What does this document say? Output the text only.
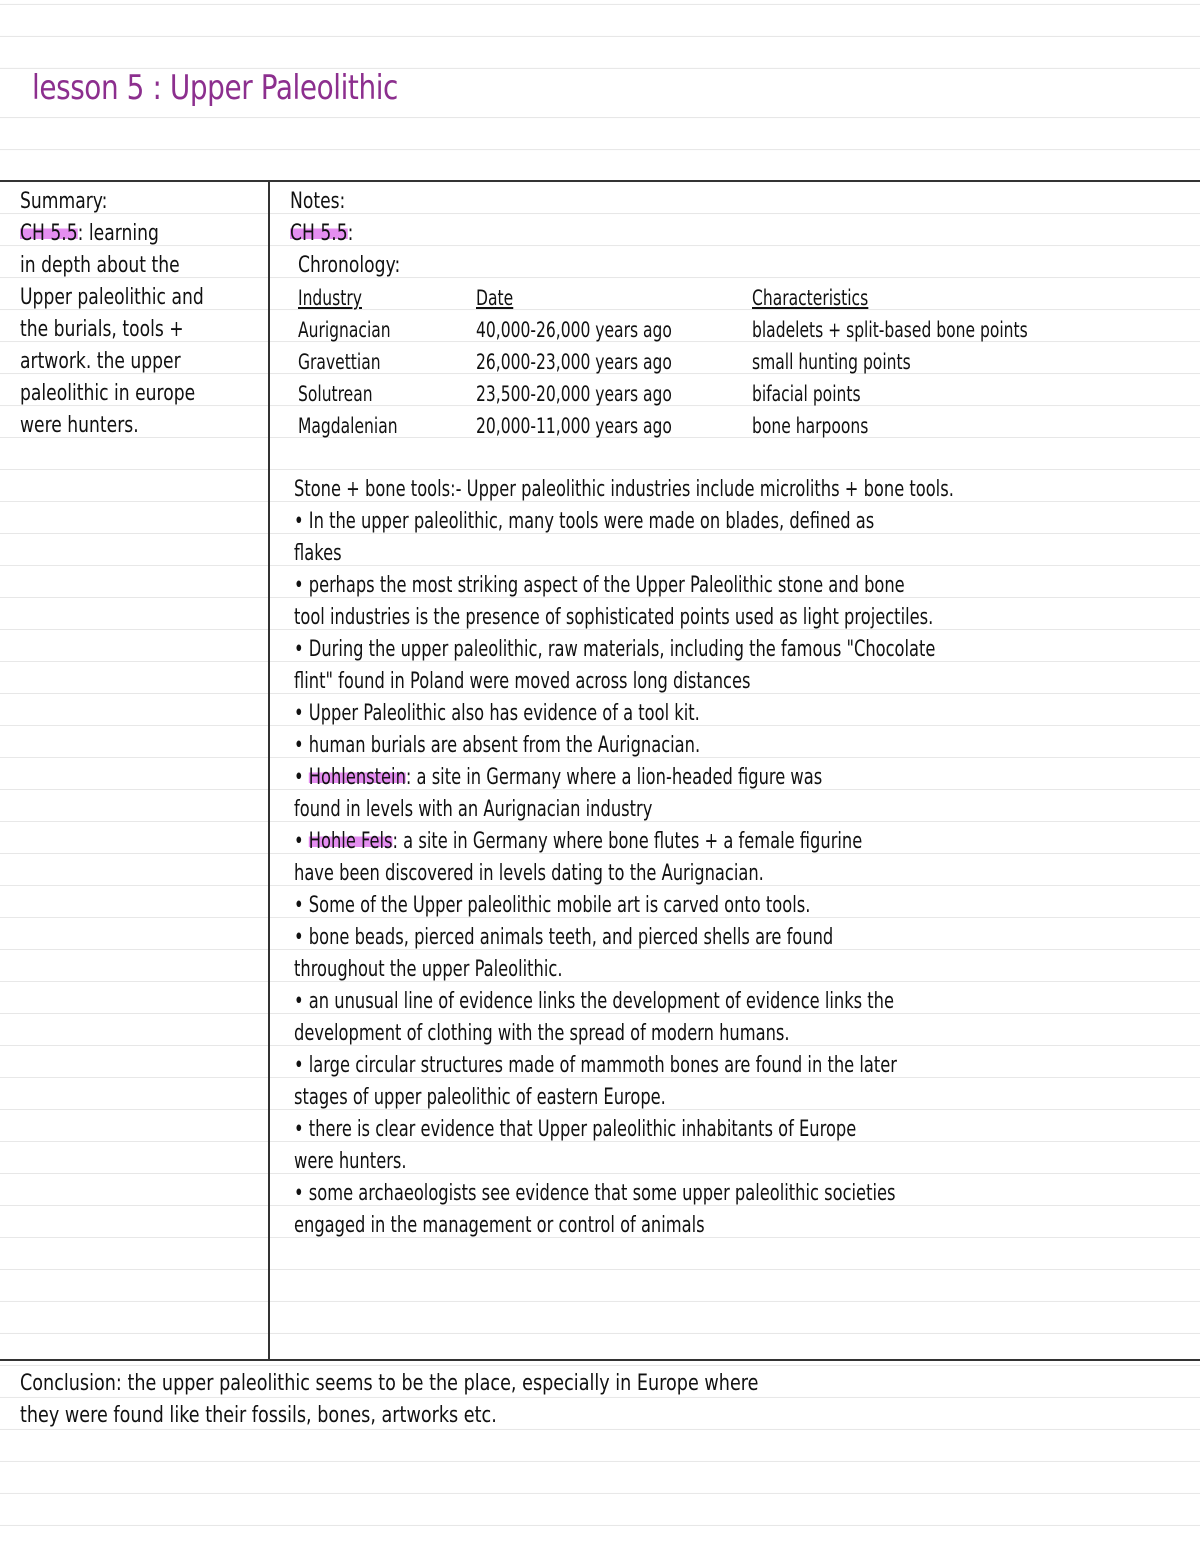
lesson 5 : Upper Paleolithic
Summary:
CH 5.5: learning
in depth about the
Upper paleolithic and
the burials, tools +
artwork. the upper
paleolithic in europe
were hunters.
Notes:
CH 5.5:
Chronology:
Industry	Date	Characteristics
Aurignacian	40,000-26,000 years ago	bladelets + split-based bone points
Gravettian	26,000-23,000 years ago	small hunting points
Solutrean	23,500-20,000 years ago	bifacial points
Magdalenian	20,000-11,000 years ago	bone harpoons
Stone + bone tools:- Upper paleolithic industries include microliths + bone tools.
• In the upper paleolithic, many tools were made on blades, defined as
flakes
• perhaps the most striking aspect of the Upper Paleolithic stone and bone
tool industries is the presence of sophisticated points used as light projectiles.
• During the upper paleolithic, raw materials, including the famous "Chocolate
flint" found in Poland were moved across long distances
• Upper Paleolithic also has evidence of a tool kit.
• human burials are absent from the Aurignacian.
• Hohlenstein: a site in Germany where a lion-headed figure was
found in levels with an Aurignacian industry
• Hohle Fels: a site in Germany where bone flutes + a female figurine
have been discovered in levels dating to the Aurignacian.
• Some of the Upper paleolithic mobile art is carved onto tools.
• bone beads, pierced animals teeth, and pierced shells are found
throughout the upper Paleolithic.
• an unusual line of evidence links the development of evidence links the
development of clothing with the spread of modern humans.
• large circular structures made of mammoth bones are found in the later
stages of upper paleolithic of eastern Europe.
• there is clear evidence that Upper paleolithic inhabitants of Europe
were hunters.
• some archaeologists see evidence that some upper paleolithic societies
engaged in the management or control of animals
Conclusion: the upper paleolithic seems to be the place, especially in Europe where
they were found like their fossils, bones, artworks etc.
